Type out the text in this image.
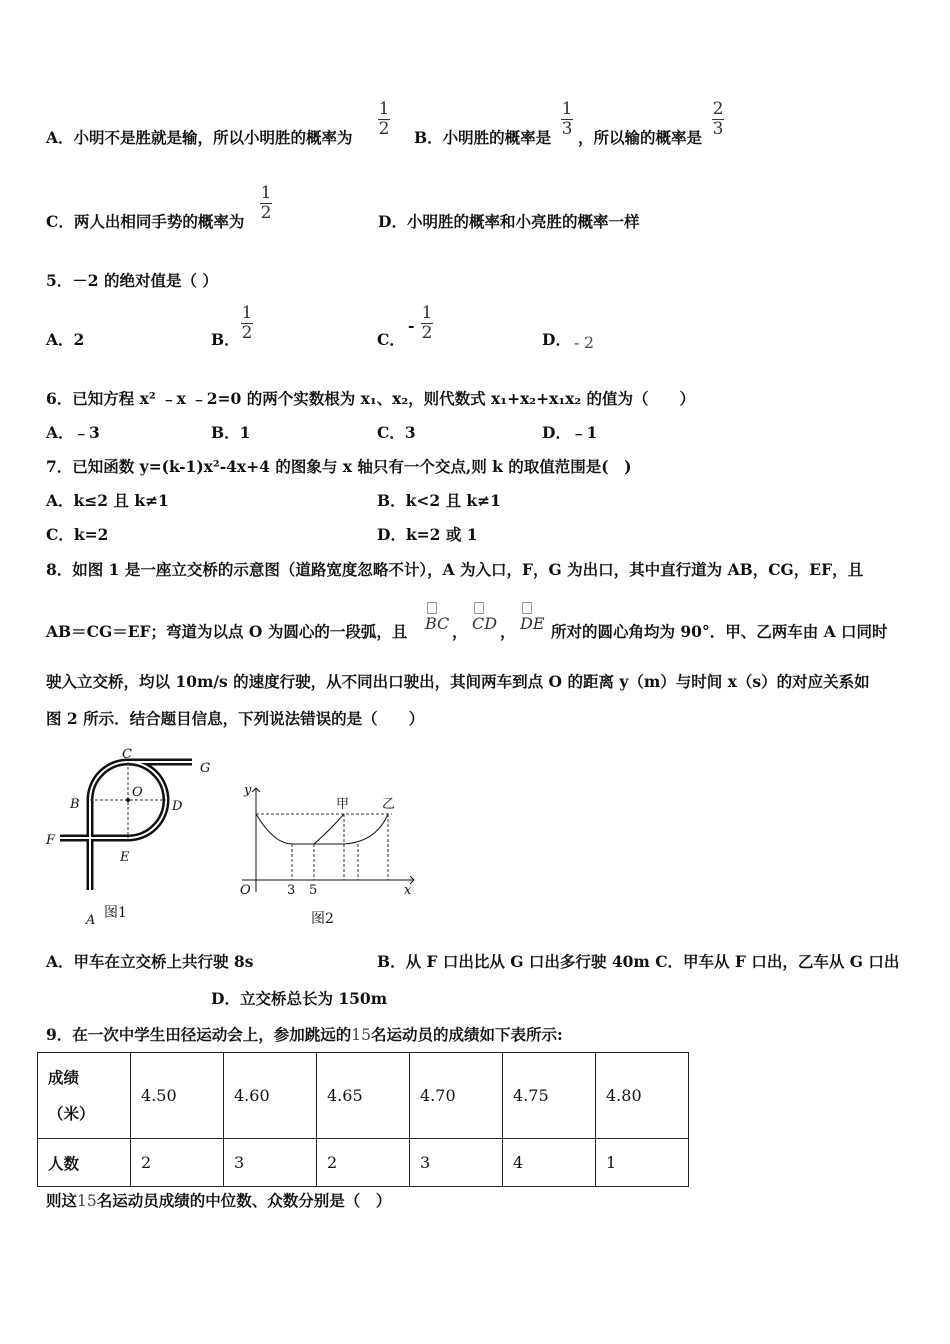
A．小明不是胜就是输，所以小明胜的概率为
1
2 B．小明胜的概率是
1
3 ，所以输的概率是
2
3
C．两人出相同手势的概率为
1
2	D．小明胜的概率和小亮胜的概率一样
5．－2 的绝对值是（ ）
A．2	B．
1
2	C．
-
1
2	D． - 2
6．已知方程 x² ﹣x ﹣2=0 的两个实数根为 x₁、x₂，则代数式 x₁+x₂+x₁x₂ 的值为（　　）
A．﹣3	B．1	C．3	D．﹣1
7．已知函数 y=(k-1)x²-4x+4 的图象与 x 轴只有一个交点,则 k 的取值范围是(　)
A．k≤2 且 k≠1	B．k<2 且 k≠1
C．k=2	D．k=2 或 1
8．如图 1 是一座立交桥的示意图（道路宽度忽略不计），A 为入口，F，G 为出口，其中直行道为 AB，CG，EF，且
AB＝CG＝EF；弯道为以点 O 为圆心的一段弧，且 BC ， CD ， DE 所对的圆心角均为 90°．甲、乙两车由 A 口同时
驶入立交桥，均以 10m/s 的速度行驶，从不同出口驶出，其间两车到点 O 的距离 y（m）与时间 x（s）的对应关系如
图 2 所示．结合题目信息，下列说法错误的是（　　）
A
B
C
D
E
F
G
O
图1
y
x
O	3 5
甲	乙
图2
A．甲车在立交桥上共行驶 8s	B．从 F 口出比从 G 口出多行驶 40m C．甲车从 F 口出，乙车从 G 口出
D．立交桥总长为 150m
9．在一次中学生田径运动会上，参加跳远的15名运动员的成绩如下表所示:
成绩
（米）	4.50	4.60	4.65	4.70	4.75	4.80
人数	2	3	2	3	4	1
则这15名运动员成绩的中位数、众数分别是（　）
